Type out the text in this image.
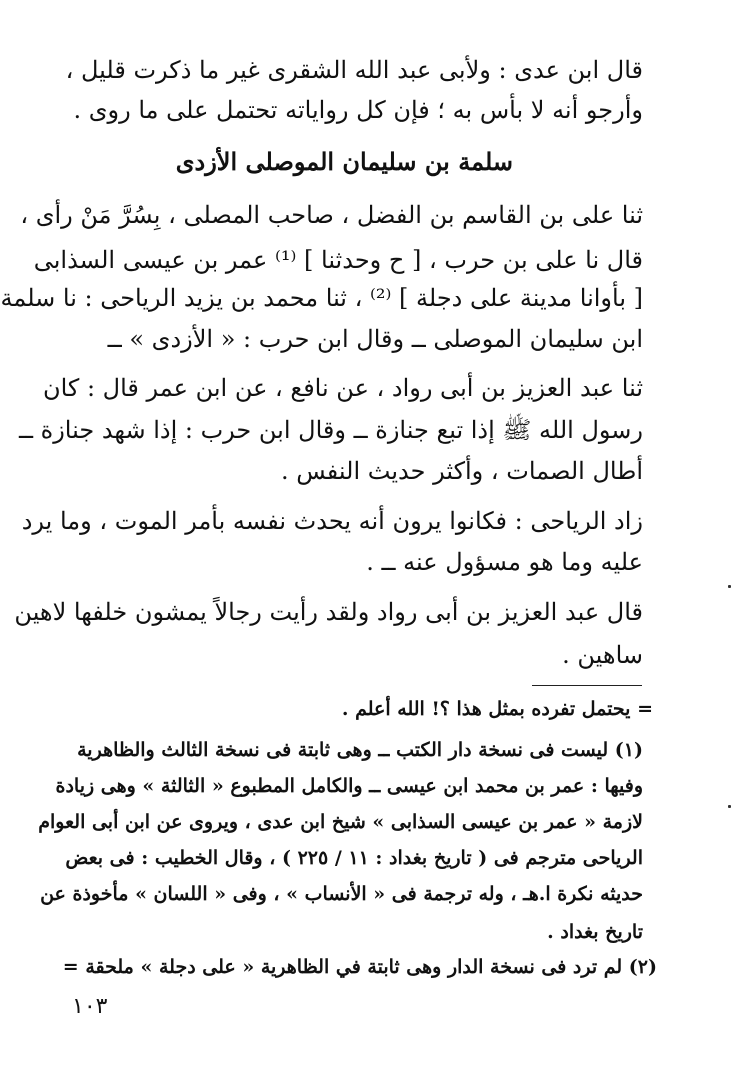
قال ابن عدى : ولأبى عبد الله الشقرى غير ما ذكرت قليل ،
وأرجو أنه لا بأس به ؛ فإن كل رواياته تحتمل على ما روى .
سلمة بن سليمان الموصلى الأزدى
ثنا على بن القاسم بن الفضل ، صاحب المصلى ، بِسُرَّ مَنْ رأى ،
قال نا على بن حرب ، [ ح وحدثنا ] ⁽¹⁾ عمر بن عيسى السذابى
[ بأوانا مدينة على دجلة ] ⁽²⁾ ، ثنا محمد بن يزيد الرياحى : نا سلمة
ابن سليمان الموصلى ــ وقال ابن حرب : « الأزدى » ــ
ثنا عبد العزيز بن أبى رواد ، عن نافع ، عن ابن عمر قال : كان
رسول الله ﷺ إذا تبع جنازة ــ وقال ابن حرب : إذا شهد جنازة ــ
أطال الصمات ، وأكثر حديث النفس .
زاد الرياحى : فكانوا يرون أنه يحدث نفسه بأمر الموت ، وما يرد
عليه وما هو مسؤول عنه ــ .
قال عبد العزيز بن أبى رواد ولقد رأيت رجالاً يمشون خلفها لاهين
ساهين .
= يحتمل تفرده بمثل هذا ؟! الله أعلم .
(١) ليست فى نسخة دار الكتب ــ وهى ثابتة فى نسخة الثالث والظاهرية
وفيها : عمر بن محمد ابن عيسى ــ والكامل المطبوع « الثالثة » وهى زيادة
لازمة « عمر بن عيسى السذابى » شيخ ابن عدى ، ويروى عن ابن أبى العوام
الرياحى مترجم فى ( تاريخ بغداد : ١١ / ٢٢٥ ) ، وقال الخطيب : فى بعض
حديثه نكرة ا.هـ ، وله ترجمة فى « الأنساب » ، وفى « اللسان » مأخوذة عن
تاريخ بغداد .
(٢) لم ترد فى نسخة الدار وهى ثابتة في الظاهرية « على دجلة » ملحقة =
١٠٣
